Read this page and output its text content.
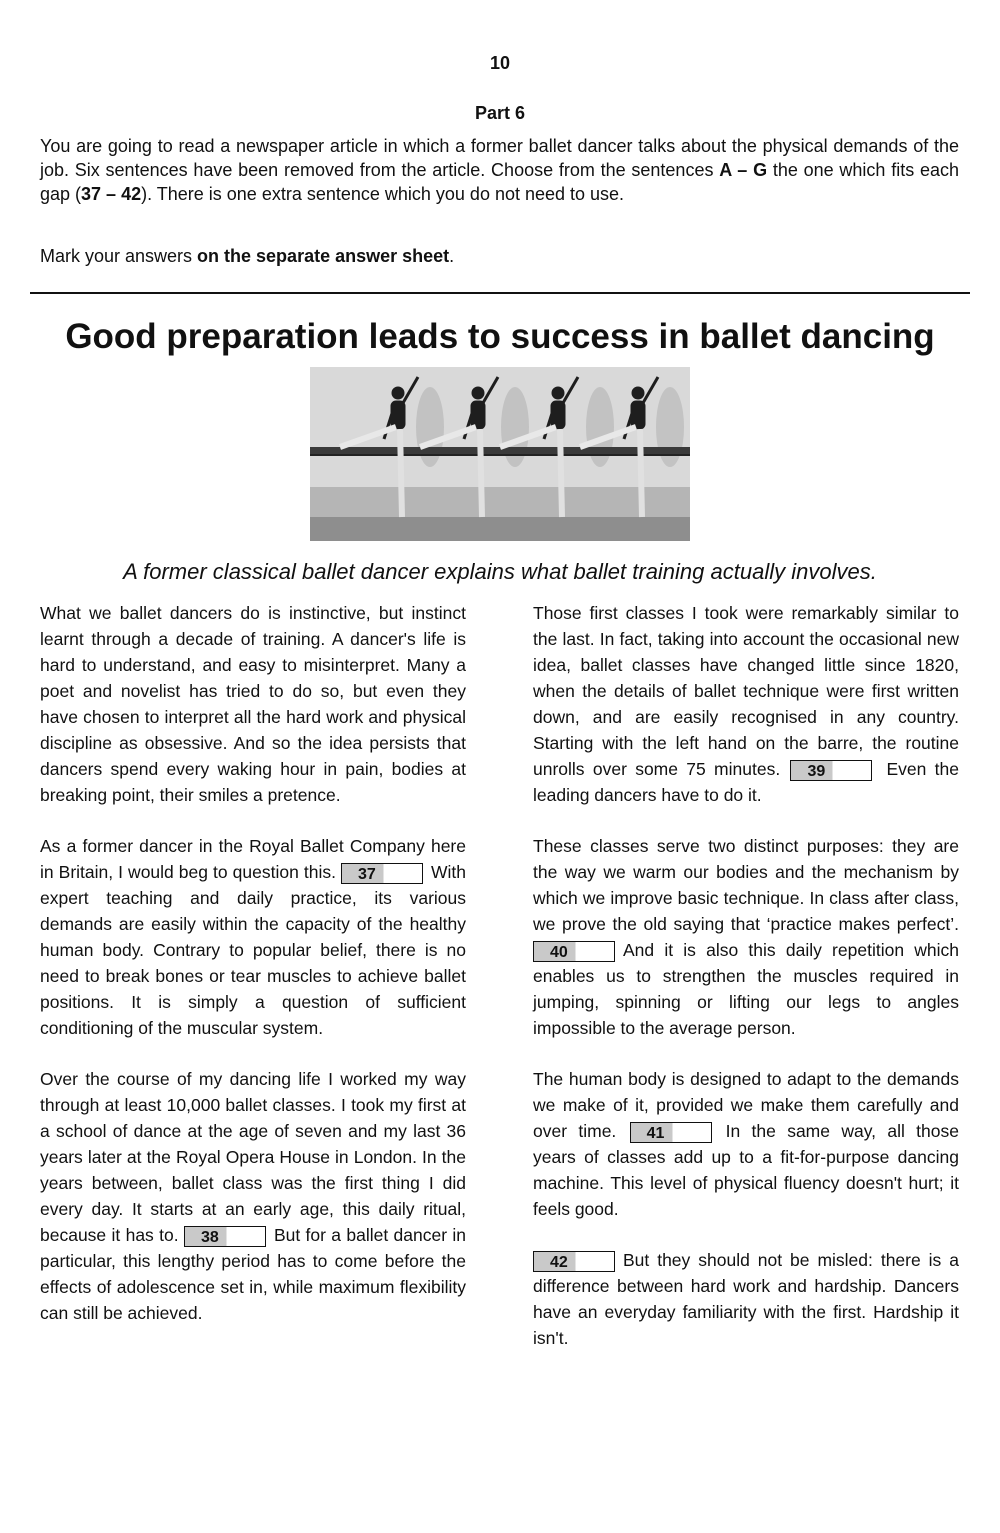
10
Part 6

You are going to read a newspaper article in which a former ballet dancer talks about the physical demands of the job. Six sentences have been removed from the article. Choose from the sentences A – G the one which fits each gap (37 – 42). There is one extra sentence which you do not need to use.

Mark your answers on the separate answer sheet.

Good preparation leads to success in ballet dancing

A former classical ballet dancer explains what ballet training actually involves.

What we ballet dancers do is instinctive, but instinct learnt through a decade of training. A dancer's life is hard to understand, and easy to misinterpret. Many a poet and novelist has tried to do so, but even they have chosen to interpret all the hard work and physical discipline as obsessive. And so the idea persists that dancers spend every waking hour in pain, bodies at breaking point, their smiles a pretence.

As a former dancer in the Royal Ballet Company here in Britain, I would beg to question this. 37	With expert teaching and daily practice, its various demands are easily within the capacity of the healthy human body. Contrary to popular belief, there is no need to break bones or tear muscles to achieve ballet positions. It is simply a question of sufficient conditioning of the muscular system.

Over the course of my dancing life I worked my way through at least 10,000 ballet classes. I took my first at a school of dance at the age of seven and my last 36 years later at the Royal Opera House in London. In the years between, ballet class was the first thing I did every day. It starts at an early age, this daily ritual, because it has to. 38	But for a ballet dancer in particular, this lengthy period has to come before the effects of adolescence set in, while maximum flexibility can still be achieved.

Those first classes I took were remarkably similar to the last. In fact, taking into account the occasional new idea, ballet classes have changed little since 1820, when the details of ballet technique were first written down, and are easily recognised in any country. Starting with the left hand on the barre, the routine unrolls over some 75 minutes. 39	Even the leading dancers have to do it.

These classes serve two distinct purposes: they are the way we warm our bodies and the mechanism by which we improve basic technique. In class after class, we prove the old saying that ‘practice makes perfect’. 40	And it is also this daily repetition which enables us to strengthen the muscles required in jumping, spinning or lifting our legs to angles impossible to the average person.

The human body is designed to adapt to the demands we make of it, provided we make them carefully and over time. 41	In the same way, all those years of classes add up to a fit-for-purpose dancing machine. This level of physical fluency doesn't hurt; it feels good.

42	But they should not be misled: there is a difference between hard work and hardship. Dancers have an everyday familiarity with the first. Hardship it isn't.
